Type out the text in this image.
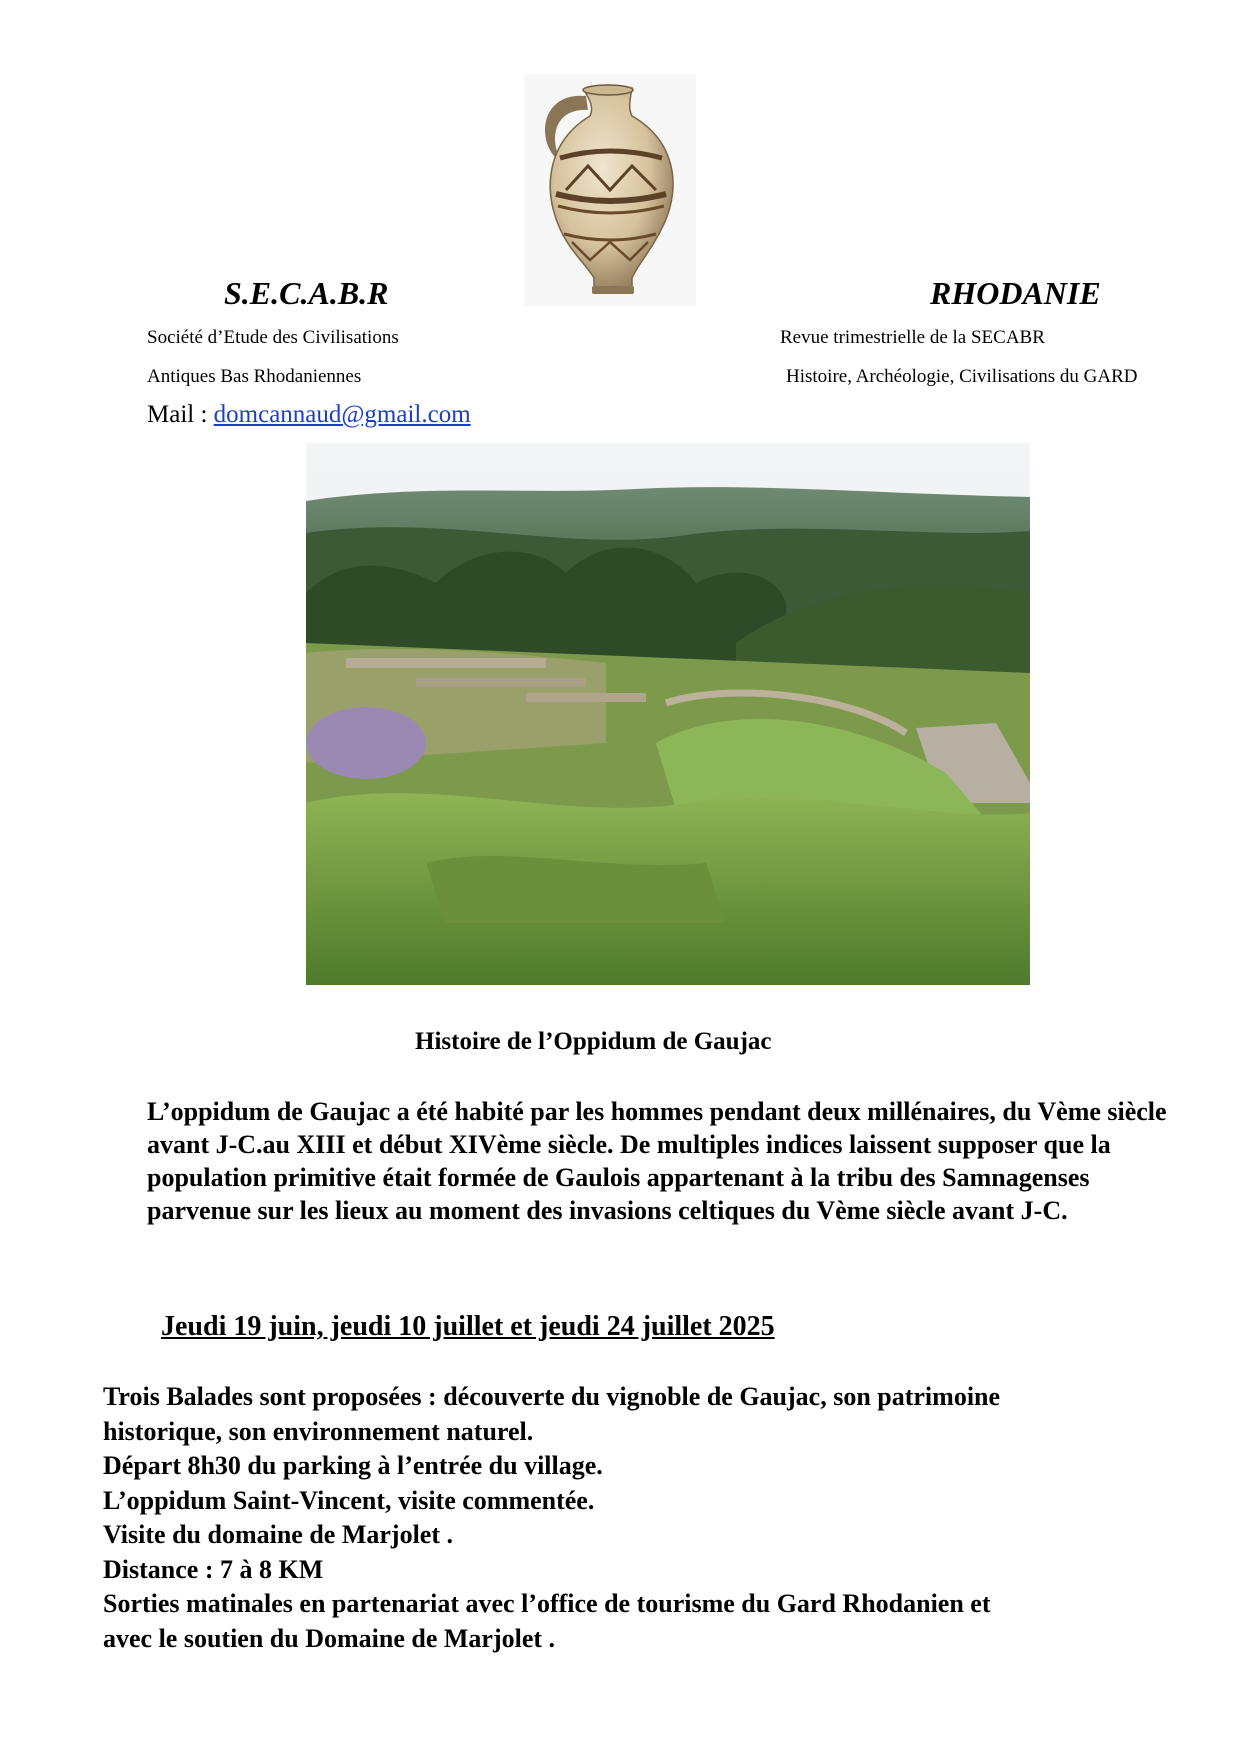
S.E.C.A.B.R	RHODANIE
Société d’Etude des Civilisations
Antiques Bas Rhodaniennes
Revue trimestrielle de la SECABR
Histoire, Archéologie, Civilisations du GARD
Mail : domcannaud@gmail.com
Histoire de l’Oppidum de Gaujac
L’oppidum de Gaujac a été habité par les hommes pendant deux millénaires, du Vème siècle avant J-C.au XIII et début XIVème siècle. De multiples indices laissent supposer que la population primitive était formée de Gaulois appartenant à la tribu des Samnagenses parvenue sur les lieux au moment des invasions celtiques du Vème siècle avant J-C.
Jeudi 19 juin, jeudi 10 juillet et jeudi 24 juillet 2025
Trois Balades sont proposées : découverte du vignoble de Gaujac, son patrimoine
historique, son environnement naturel.
Départ 8h30 du parking à l’entrée du village.
L’oppidum Saint-Vincent, visite commentée.
Visite du domaine de Marjolet .
Distance : 7 à 8 KM
Sorties matinales en partenariat avec l’office de tourisme du Gard Rhodanien et
avec le soutien du Domaine de Marjolet .
